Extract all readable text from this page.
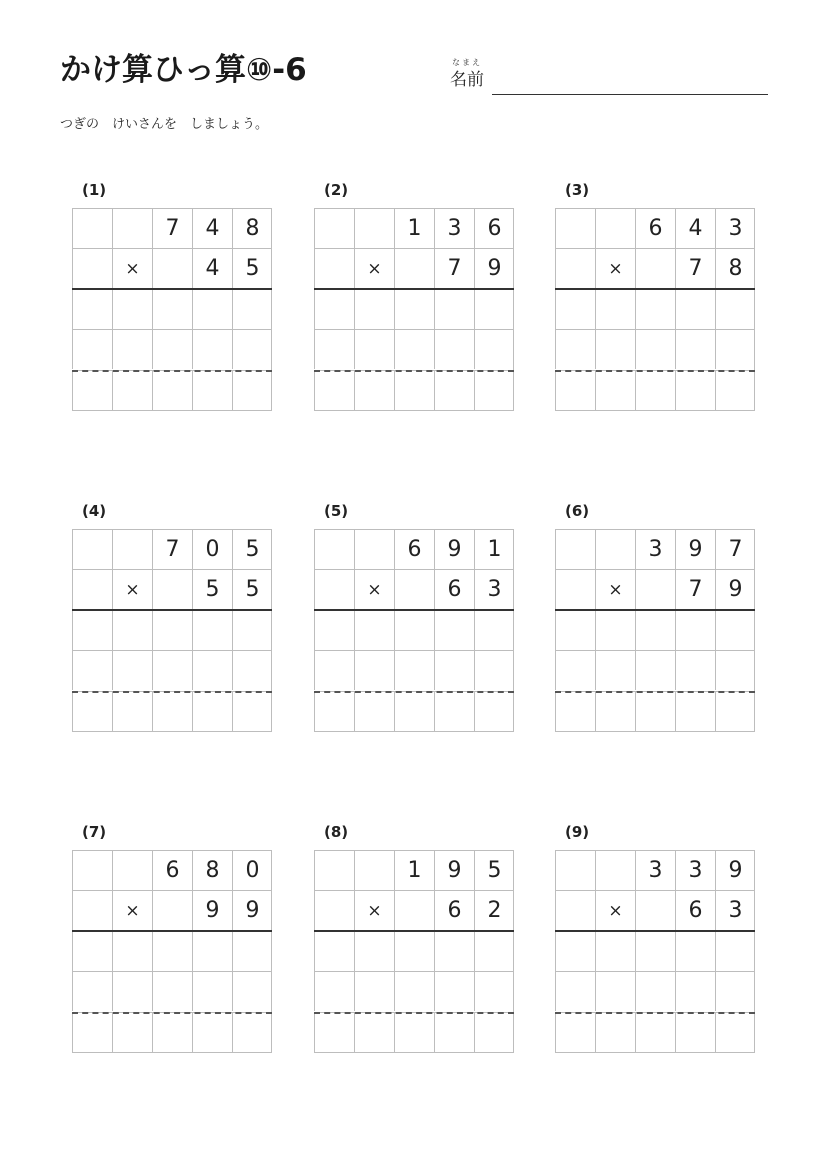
かけ算ひっ算⑩-6	なまえ
名前
つぎの　けいさんを　しましょう。
(1)
7	4	8
×	4	5
(2)
1	3	6
×	7	9
(3)
6	4	3
×	7	8
(4)
7	0	5
×	5	5
(5)
6	9	1
×	6	3
(6)
3	9	7
×	7	9
(7)
6	8	0
×	9	9
(8)
1	9	5
×	6	2
(9)
3	3	9
×	6	3
